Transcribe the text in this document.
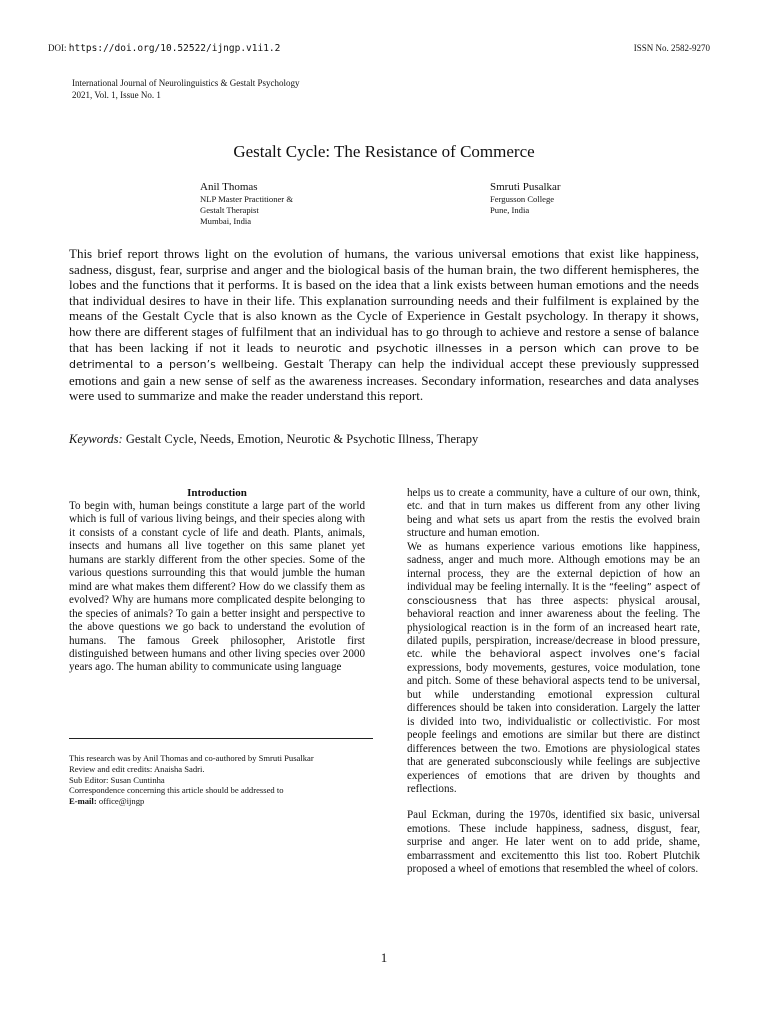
DOI: https://doi.org/10.52522/ijngp.v1i1.2	ISSN No. 2582-9270
International Journal of Neurolinguistics & Gestalt Psychology
2021, Vol. 1, Issue No. 1
Gestalt Cycle: The Resistance of Commerce
Anil Thomas
NLP Master Practitioner &
Gestalt Therapist
Mumbai, India
Smruti Pusalkar
Fergusson College
Pune, India
This brief report throws light on the evolution of humans, the various universal emotions that exist like happiness, sadness, disgust, fear, surprise and anger and the biological basis of the human brain, the two different hemispheres, the lobes and the functions that it performs. It is based on the idea that a link exists between human emotions and the needs that individual desires to have in their life. This explanation surrounding needs and their fulfilment is explained by the means of the Gestalt Cycle that is also known as the Cycle of Experience in Gestalt psychology. In therapy it shows, how there are different stages of fulfilment that an individual has to go through to achieve and restore a sense of balance that has been lacking if not it leads to neurotic and psychotic illnesses in a person which can prove to be detrimental to a person’s wellbeing. Gestalt Therapy can help the individual accept these previously suppressed emotions and gain a new sense of self as the awareness increases. Secondary information, researches and data analyses were used to summarize and make the reader understand this report.
Keywords: Gestalt Cycle, Needs, Emotion, Neurotic & Psychotic Illness, Therapy
Introduction

To begin with, human beings constitute a large part of the world which is full of various living beings, and their species along with it consists of a constant cycle of life and death. Plants, animals, insects and humans all live together on this same planet yet humans are starkly different from the other species. Some of the various questions surrounding this that would jumble the human mind are what makes them different? How do we classify them as evolved? Why are humans more complicated despite belonging to the species of animals? To gain a better insight and perspective to the above questions we go back to understand the evolution of humans. The famous Greek philosopher, Aristotle first distinguished between humans and other living species over 2000 years ago. The human ability to communicate using language

This research was by Anil Thomas and co-authored by Smruti Pusalkar
Review and edit credits: Anaisha Sadri.
Sub Editor: Susan Cuntinha
Correspondence concerning this article should be addressed to
E-mail: office@ijngp

helps us to create a community, have a culture of our own, think, etc. and that in turn makes us different from any other living being and what sets us apart from the restis the evolved brain structure and human emotion.

We as humans experience various emotions like happiness, sadness, anger and much more. Although emotions may be an internal process, they are the external depiction of how an individual may be feeling internally. It is the “feeling” aspect of consciousness that has three aspects: physical arousal, behavioral reaction and inner awareness about the feeling. The physiological reaction is in the form of an increased heart rate, dilated pupils, perspiration, increase/decrease in blood pressure, etc. while the behavioral aspect involves one’s facial expressions, body movements, gestures, voice modulation, tone and pitch. Some of these behavioral aspects tend to be universal, but while understanding emotional expression cultural differences should be taken into consideration. Largely the latter is divided into two, individualistic or collectivistic. For most people feelings and emotions are similar but there are distinct differences between the two. Emotions are physiological states that are generated subconsciously while feelings are subjective experiences of emotions that are driven by thoughts and reflections.

Paul Eckman, during the 1970s, identified six basic, universal emotions. These include happiness, sadness, disgust, fear, surprise and anger. He later went on to add pride, shame, embarrassment and excitementto this list too. Robert Plutchik proposed a wheel of emotions that resembled the wheel of colors.

1
